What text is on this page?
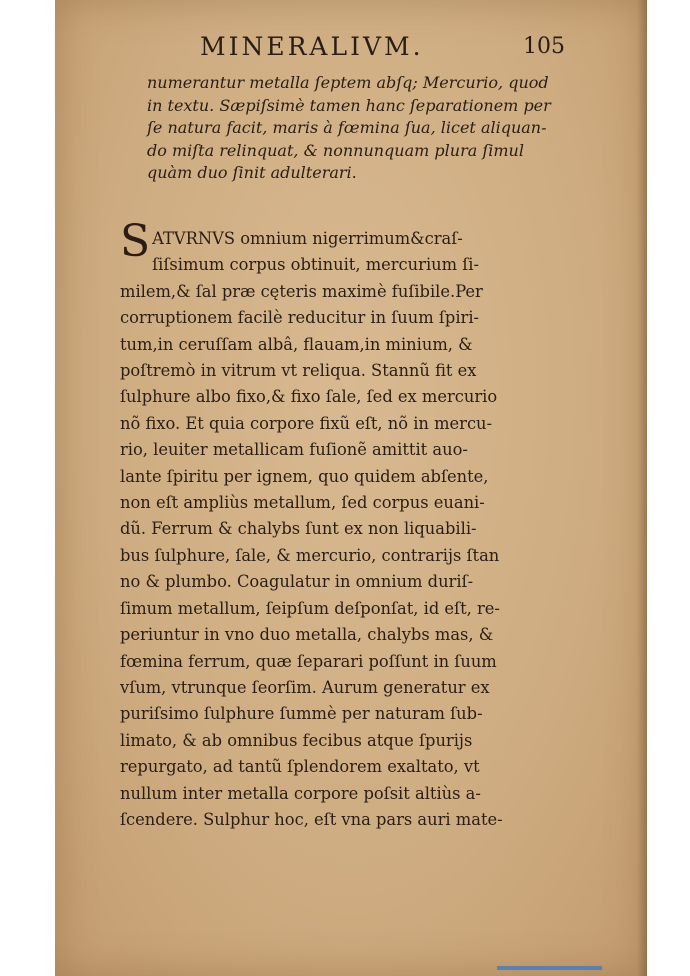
MINERALIVM.	105
numerantur metalla ſeptem abſq; Mercurio, quod
in textu. Sæpiſsimè tamen hanc ſeparationem per
ſe natura facit, maris à fœmina ſua, licet aliquan-
do miſta relinquat, & nonnunquam plura ſimul
quàm duo ſinit adulterari.
S ATVRNVS omnium nigerrimum&craſ-
ſiſsimum corpus obtinuit, mercurium ſi-
milem,& ſal præ cęteris maximè fuſibile.Per
corruptionem facilè reducitur in ſuum ſpiri-
tum,in ceruſſam albâ, flauam,in minium, &
poſtremò in vitrum vt reliqua. Stannũ fit ex
ſulphure albo fixo,& fixo ſale, ſed ex mercurio
nõ fixo. Et quia corpore fixũ eſt, nõ in mercu-
rio, leuiter metallicam fuſionẽ amittit auo-
lante ſpiritu per ignem, quo quidem abſente,
non eſt ampliùs metallum, ſed corpus euani-
dũ. Ferrum & chalybs ſunt ex non liquabili-
bus ſulphure, ſale, & mercurio, contrarijs ſtan
no & plumbo. Coagulatur in omnium duriſ-
ſimum metallum, ſeipſum deſponſat, id eſt, re-
periuntur in vno duo metalla, chalybs mas, &
fœmina ferrum, quæ ſeparari poſſunt in ſuum
vſum, vtrunque ſeorſim. Aurum generatur ex
puriſsimo ſulphure ſummè per naturam ſub-
limato, & ab omnibus fecibus atque ſpurijs
repurgato, ad tantũ ſplendorem exaltato, vt
nullum inter metalla corpore poſsit altiùs a-
ſcendere. Sulphur hoc, eſt vna pars auri mate-
